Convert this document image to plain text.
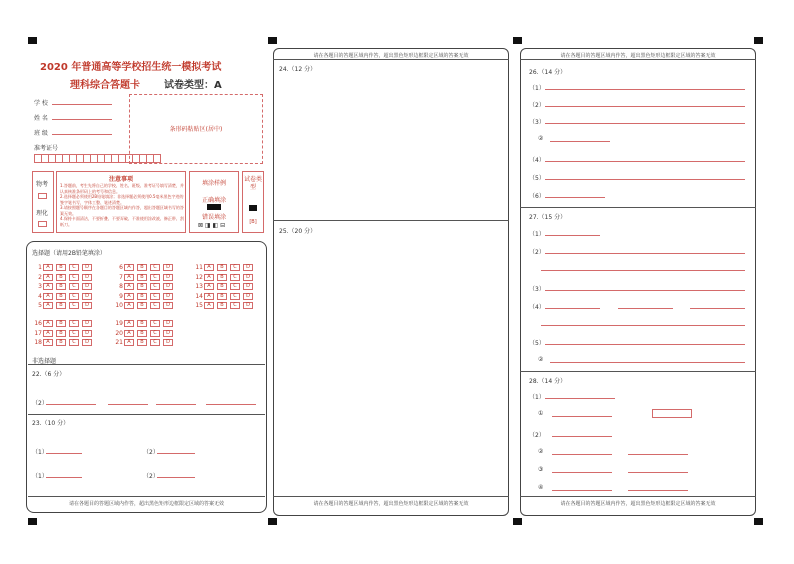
2020 年普通高等学校招生统一模拟考试
理科综合答题卡 试卷类型：A
学 校
姓 名
班 级
准考证号
条形码粘贴区(居中)
物考
理化
注意事项
1.答题前，考生先将自己的学校、姓名、班级、准考证号填写清楚，并认真核准条形码上的考号和信息。
2.选择题必须使用2B铅笔填涂；非选择题必须使用0.5毫米黑色字迹的签字笔书写，字体工整、笔迹清楚。
3.请按照题号顺序在各题目的答题区域内作答，超出答题区域书写的答案无效。
4.保持卡面清洁，不要折叠、不要弄破、不准使用涂改液、修正带、刮纸刀。
填涂样例
正确填涂
错误填涂
⊠ ◨ ◧ ⊟
试卷类型
[B]
选择题（请用2B铅笔填涂）
1 A	B	C	D
2 A	B	C	D
3 A	B	C	D
4 A	B	C	D
5 A	B	C	D
6 A	B	C	D
7 A	B	C	D
8 A	B	C	D
9 A	B	C	D
10 A	B	C	D
11 A	B	C	D
12 A	B	C	D
13 A	B	C	D
14 A	B	C	D
15 A	B	C	D
16 A	B	C	D
17 A	B	C	D
18 A	B	C	D
19 A	B	C	D
20 A	B	C	D
21 A	B	C	D
非选择题
22.（6 分）
（2）
23.（10 分）
（1）	（2）
（1）	（2）
请在各题目的答题区域内作答，超出黑色矩形边框限定区域的答案无效
请在各题目的答题区域内作答，超出黑色矩形边框限定区域的答案无效
24.（12 分）
25.（20 分）
请在各题目的答题区域内作答，超出黑色矩形边框限定区域的答案无效
请在各题目的答题区域内作答，超出黑色矩形边框限定区域的答案无效
26.（14 分）
（1）
（2）
（3）
②
（4）
（5）
（6）
27.（15 分）
（1）
（2）
（3）
（4）
（5）
②
28.（14 分）
（1）
①
（2）
②
③
④
请在各题目的答题区域内作答，超出黑色矩形边框限定区域的答案无效
